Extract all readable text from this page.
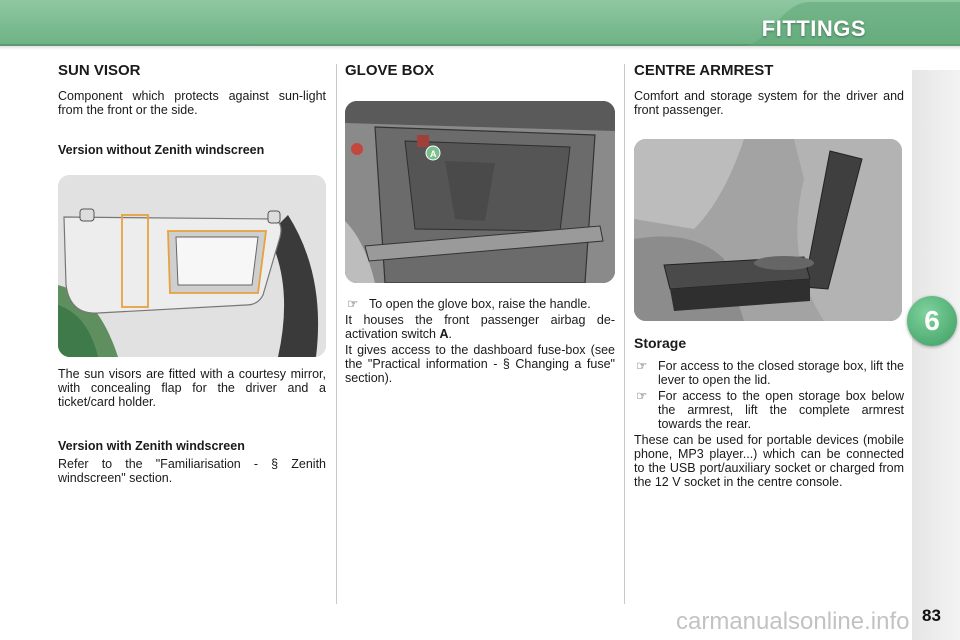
FITTINGS
6
SUN VISOR

Component which protects against sun-light from the front or the side.

Version without Zenith windscreen

The sun visors are fitted with a courtesy mirror, with concealing flap for the driver and a ticket/card holder.

Version with Zenith windscreen

Refer to the "Familiarisation - § Zenith windscreen" section.

GLOVE BOX
A
☞ To open the glove box, raise the handle.

It houses the front passenger airbag de-activation switch A.

It gives access to the dashboard fuse-box (see the "Practical information - § Changing a fuse" section).

CENTRE ARMREST

Comfort and storage system for the driver and front passenger.

Storage
☞ For access to the closed storage box, lift the lever to open the lid.
☞ For access to the open storage box below the armrest, lift the complete armrest towards the rear.

These can be used for portable devices (mobile phone, MP3 player...) which can be connected to the USB port/auxiliary socket or charged from the 12 V socket in the centre console.

carmanualsonline.info 83
